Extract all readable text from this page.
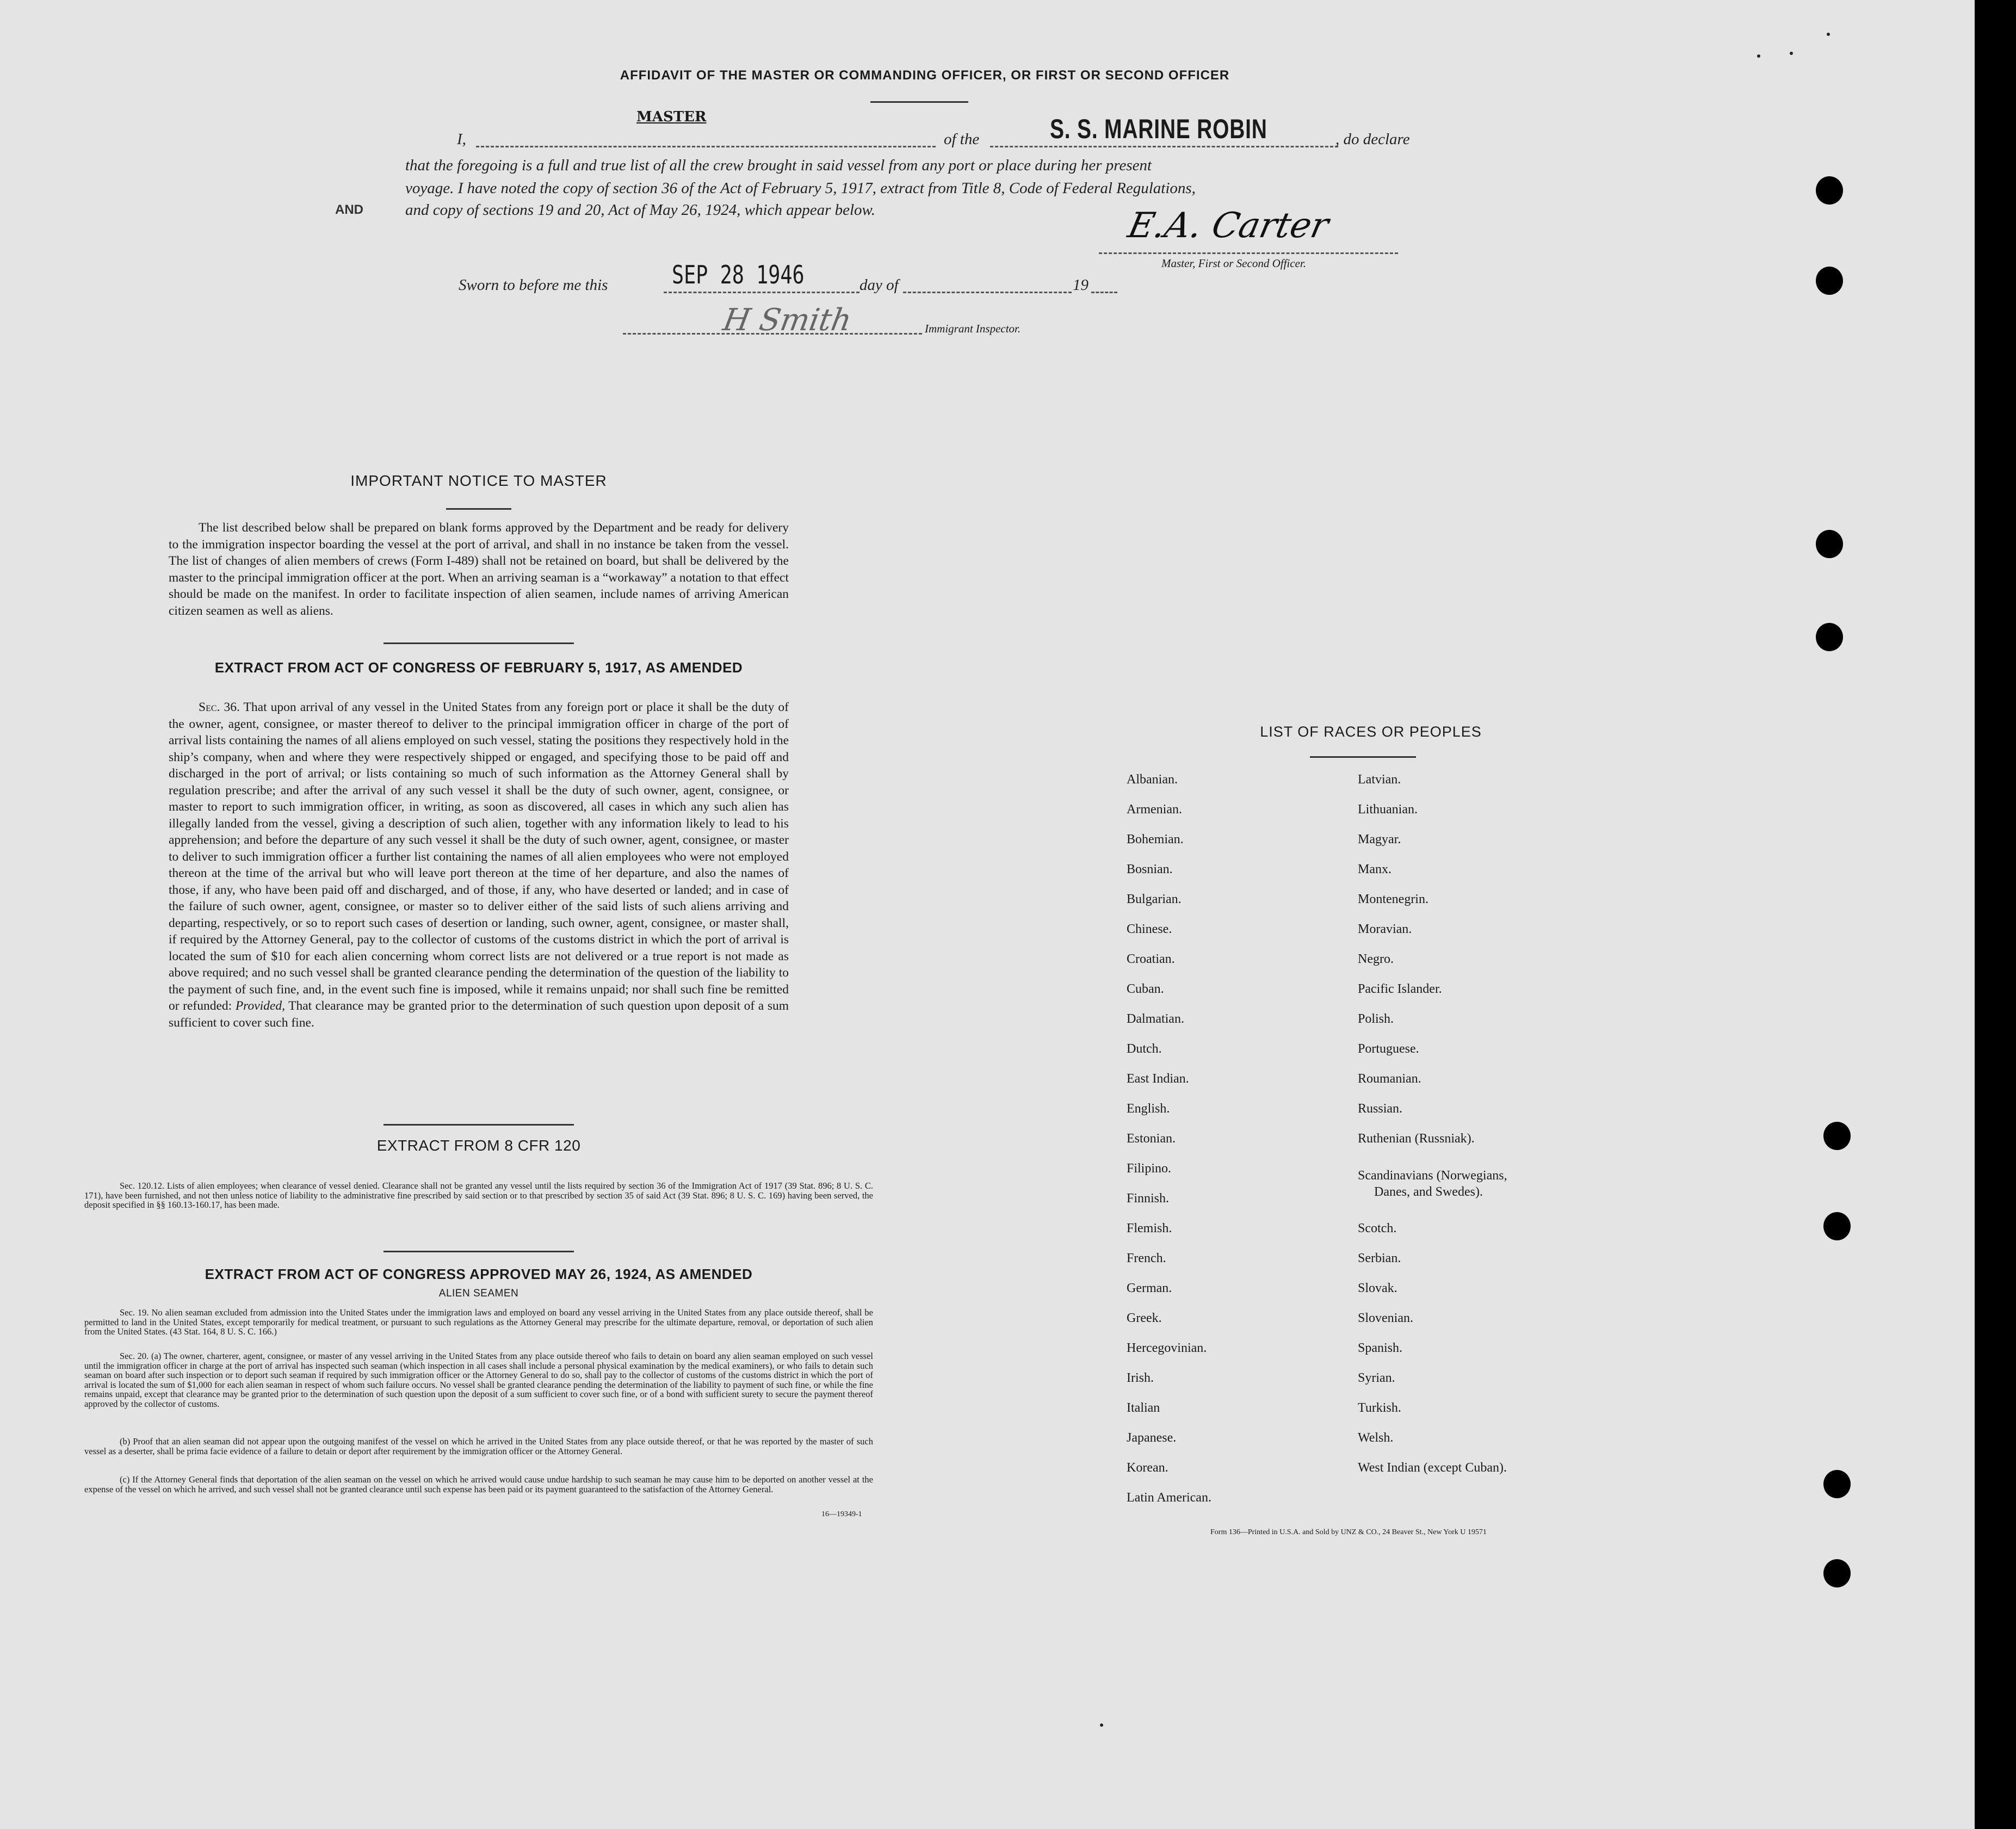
AFFIDAVIT OF THE MASTER OR COMMANDING OFFICER, OR FIRST OR SECOND OFFICER
MASTER
I,	of the	S. S. MARINE ROBIN	, do declare
that the foregoing is a full and true list of all the crew brought in said vessel from any port or place during her present
voyage. I have noted the copy of section 36 of the Act of February 5, 1917, extract from Title 8, Code of Federal Regulations,
and copy of sections 19 and 20, Act of May 26, 1924, which appear below.
AND	E.A. Carter
Master, First or Second Officer.
Sworn to before me this	SEP 28 1946	day of	19
H Smith	Immigrant Inspector.
IMPORTANT NOTICE TO MASTER
The list described below shall be prepared on blank forms approved by the Department and be ready for delivery to the immigration inspector boarding the vessel at the port of arrival, and shall in no instance be taken from the vessel. The list of changes of alien members of crews (Form I-489) shall not be retained on board, but shall be delivered by the master to the principal immigration officer at the port. When an arriving seaman is a “workaway” a notation to that effect should be made on the manifest. In order to facilitate inspection of alien seamen, include names of arriving American citizen seamen as well as aliens.
EXTRACT FROM ACT OF CONGRESS OF FEBRUARY 5, 1917, AS AMENDED
Sec. 36. That upon arrival of any vessel in the United States from any foreign port or place it shall be the duty of the owner, agent, consignee, or master thereof to deliver to the principal immigration officer in charge of the port of arrival lists containing the names of all aliens employed on such vessel, stating the positions they respectively hold in the ship’s company, when and where they were respectively shipped or engaged, and specifying those to be paid off and discharged in the port of arrival; or lists containing so much of such information as the Attorney General shall by regulation prescribe; and after the arrival of any such vessel it shall be the duty of such owner, agent, consignee, or master to report to such immigration officer, in writing, as soon as discovered, all cases in which any such alien has illegally landed from the vessel, giving a description of such alien, together with any information likely to lead to his apprehension; and before the departure of any such vessel it shall be the duty of such owner, agent, consignee, or master to deliver to such immigration officer a further list containing the names of all alien employees who were not employed thereon at the time of the arrival but who will leave port thereon at the time of her departure, and also the names of those, if any, who have been paid off and discharged, and of those, if any, who have deserted or landed; and in case of the failure of such owner, agent, consignee, or master so to deliver either of the said lists of such aliens arriving and departing, respectively, or so to report such cases of desertion or landing, such owner, agent, consignee, or master shall, if required by the Attorney General, pay to the collector of customs of the customs district in which the port of arrival is located the sum of $10 for each alien concerning whom correct lists are not delivered or a true report is not made as above required; and no such vessel shall be granted clearance pending the determination of the question of the liability to the payment of such fine, and, in the event such fine is imposed, while it remains unpaid; nor shall such fine be remitted or refunded: Provided, That clearance may be granted prior to the determination of such question upon deposit of a sum sufficient to cover such fine.
EXTRACT FROM 8 CFR 120
Sec. 120.12. Lists of alien employees; when clearance of vessel denied. Clearance shall not be granted any vessel until the lists required by section 36 of the Immigration Act of 1917 (39 Stat. 896; 8 U. S. C. 171), have been furnished, and not then unless notice of liability to the administrative fine prescribed by said section or to that prescribed by section 35 of said Act (39 Stat. 896; 8 U. S. C. 169) having been served, the deposit specified in §§ 160.13-160.17, has been made.
EXTRACT FROM ACT OF CONGRESS APPROVED MAY 26, 1924, AS AMENDED
ALIEN SEAMEN
Sec. 19. No alien seaman excluded from admission into the United States under the immigration laws and employed on board any vessel arriving in the United States from any place outside thereof, shall be permitted to land in the United States, except temporarily for medical treatment, or pursuant to such regulations as the Attorney General may prescribe for the ultimate departure, removal, or deportation of such alien from the United States. (43 Stat. 164, 8 U. S. C. 166.)
Sec. 20. (a) The owner, charterer, agent, consignee, or master of any vessel arriving in the United States from any place outside thereof who fails to detain on board any alien seaman employed on such vessel until the immigration officer in charge at the port of arrival has inspected such seaman (which inspection in all cases shall include a personal physical examination by the medical examiners), or who fails to detain such seaman on board after such inspection or to deport such seaman if required by such immigration officer or the Attorney General to do so, shall pay to the collector of customs of the customs district in which the port of arrival is located the sum of $1,000 for each alien seaman in respect of whom such failure occurs. No vessel shall be granted clearance pending the determination of the liability to payment of such fine, or while the fine remains unpaid, except that clearance may be granted prior to the determination of such question upon the deposit of a sum sufficient to cover such fine, or of a bond with sufficient surety to secure the payment thereof approved by the collector of customs.
(b) Proof that an alien seaman did not appear upon the outgoing manifest of the vessel on which he arrived in the United States from any place outside thereof, or that he was reported by the master of such vessel as a deserter, shall be prima facie evidence of a failure to detain or deport after requirement by the immigration officer or the Attorney General.
(c) If the Attorney General finds that deportation of the alien seaman on the vessel on which he arrived would cause undue hardship to such seaman he may cause him to be deported on another vessel at the expense of the vessel on which he arrived, and such vessel shall not be granted clearance until such expense has been paid or its payment guaranteed to the satisfaction of the Attorney General.
16—19349-1
LIST OF RACES OR PEOPLES
Albanian.
Armenian.
Bohemian.
Bosnian.
Bulgarian.
Chinese.
Croatian.
Cuban.
Dalmatian.
Dutch.
East Indian.
English.
Estonian.
Filipino.
Finnish.
Flemish.
French.
German.
Greek.
Hercegovinian.
Irish.
Italian
Japanese.
Korean.
Latin American.
Latvian.
Lithuanian.
Magyar.
Manx.
Montenegrin.
Moravian.
Negro.
Pacific Islander.
Polish.
Portuguese.
Roumanian.
Russian.
Ruthenian (Russniak).
Scandinavians (Norwegians,
Danes, and Swedes).
Scotch.
Serbian.
Slovak.
Slovenian.
Spanish.
Syrian.
Turkish.
Welsh.
West Indian (except Cuban).
Form 136—Printed in U.S.A. and Sold by UNZ & CO., 24 Beaver St., New York U 19571
